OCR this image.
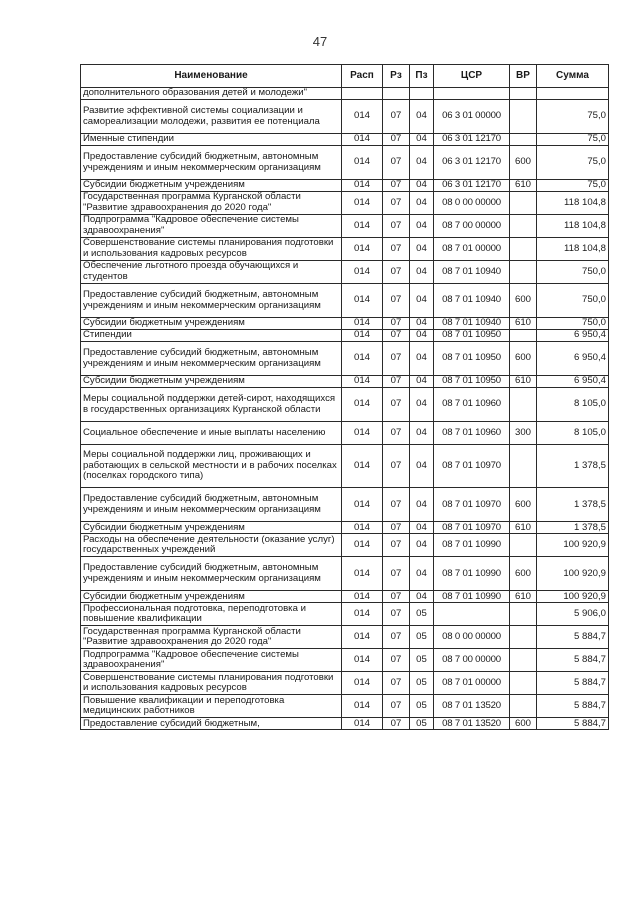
47
Наименование	Расп	Рз	Пз	ЦСР	ВР	Сумма
дополнительного образования детей и молодежи"						
Развитие эффективной системы социализации и самореализации молодежи, развития ее потенциала	014	07	04	06 3 01 00000		75,0
Именные стипендии	014	07	04	06 3 01 12170		75,0
Предоставление субсидий бюджетным, автономным учреждениям и иным некоммерческим организациям	014	07	04	06 3 01 12170	600	75,0
Субсидии бюджетным учреждениям	014	07	04	06 3 01 12170	610	75,0
Государственная программа Курганской области "Развитие здравоохранения до 2020 года"	014	07	04	08 0 00 00000		118 104,8
Подпрограмма "Кадровое обеспечение системы здравоохранения"	014	07	04	08 7 00 00000		118 104,8
Совершенствование системы планирования подготовки и использования кадровых ресурсов	014	07	04	08 7 01 00000		118 104,8
Обеспечение льготного проезда обучающихся и студентов	014	07	04	08 7 01 10940		750,0
Предоставление субсидий бюджетным, автономным учреждениям и иным некоммерческим организациям	014	07	04	08 7 01 10940	600	750,0
Субсидии бюджетным учреждениям	014	07	04	08 7 01 10940	610	750,0
Стипендии	014	07	04	08 7 01 10950		6 950,4
Предоставление субсидий бюджетным, автономным учреждениям и иным некоммерческим организациям	014	07	04	08 7 01 10950	600	6 950,4
Субсидии бюджетным учреждениям	014	07	04	08 7 01 10950	610	6 950,4
Меры социальной поддержки детей-сирот, находящихся в государственных организациях Курганской области	014	07	04	08 7 01 10960		8 105,0
Социальное обеспечение и иные выплаты населению	014	07	04	08 7 01 10960	300	8 105,0
Меры социальной поддержки лиц, проживающих и работающих в сельской местности и в рабочих поселках (поселках городского типа)	014	07	04	08 7 01 10970		1 378,5
Предоставление субсидий бюджетным, автономным учреждениям и иным некоммерческим организациям	014	07	04	08 7 01 10970	600	1 378,5
Субсидии бюджетным учреждениям	014	07	04	08 7 01 10970	610	1 378,5
Расходы на обеспечение деятельности (оказание услуг) государственных учреждений	014	07	04	08 7 01 10990		100 920,9
Предоставление субсидий бюджетным, автономным учреждениям и иным некоммерческим организациям	014	07	04	08 7 01 10990	600	100 920,9
Субсидии бюджетным учреждениям	014	07	04	08 7 01 10990	610	100 920,9
Профессиональная подготовка, переподготовка и повышение квалификации	014	07	05			5 906,0
Государственная программа Курганской области "Развитие здравоохранения до 2020 года"	014	07	05	08 0 00 00000		5 884,7
Подпрограмма "Кадровое обеспечение системы здравоохранения"	014	07	05	08 7 00 00000		5 884,7
Совершенствование системы планирования подготовки и использования кадровых ресурсов	014	07	05	08 7 01 00000		5 884,7
Повышение квалификации и переподготовка медицинских работников	014	07	05	08 7 01 13520		5 884,7
Предоставление субсидий бюджетным,	014	07	05	08 7 01 13520	600	5 884,7
